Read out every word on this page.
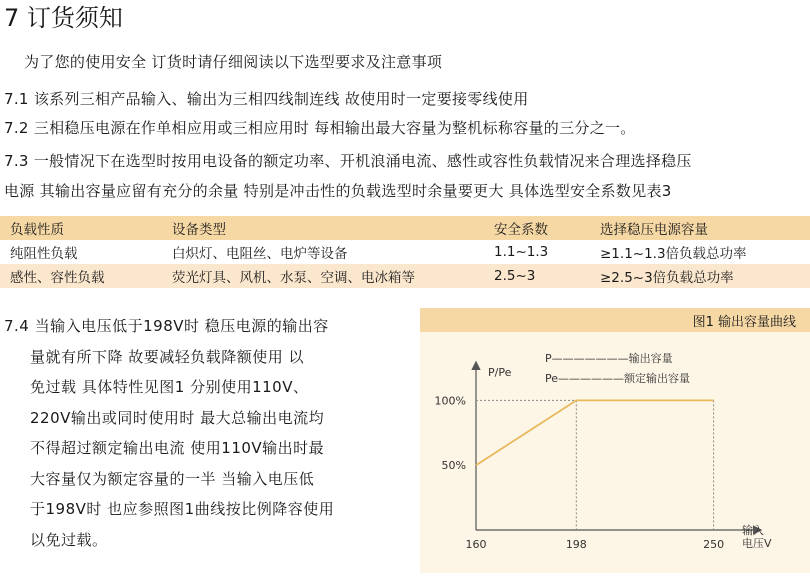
7 订货须知
为了您的使用安全 订货时请仔细阅读以下选型要求及注意事项
7.1 该系列三相产品输入、输出为三相四线制连线 故使用时一定要接零线使用
7.2 三相稳压电源在作单相应用或三相应用时 每相输出最大容量为整机标称容量的三分之一。
7.3 一般情况下在选型时按用电设备的额定功率、开机浪涌电流、感性或容性负载情况来合理选择稳压
电源 其输出容量应留有充分的余量 特别是冲击性的负载选型时余量要更大 具体选型安全系数见表3
负载性质	设备类型	安全系数	选择稳压电源容量
纯阻性负载	白炽灯、电阻丝、电炉等设备	1.1~1.3	≥1.1~1.3倍负载总功率
感性、容性负载	荧光灯具、风机、水泵、空调、电冰箱等	2.5~3	≥2.5~3倍负载总功率
7.4 当输入电压低于198V时 稳压电源的输出容
量就有所下降 故要减轻负载降额使用 以
免过载 具体特性见图1 分别使用110V、
220V输出或同时使用时 最大总输出电流均
不得超过额定输出电流 使用110V输出时最
大容量仅为额定容量的一半 当输入电压低
于198V时 也应参照图1曲线按比例降容使用
以免过载。
图1 输出容量曲线
P/Pe
输入
电压V
P———————输出容量
Pe——————额定输出容量
160	198	250
100%
50%
